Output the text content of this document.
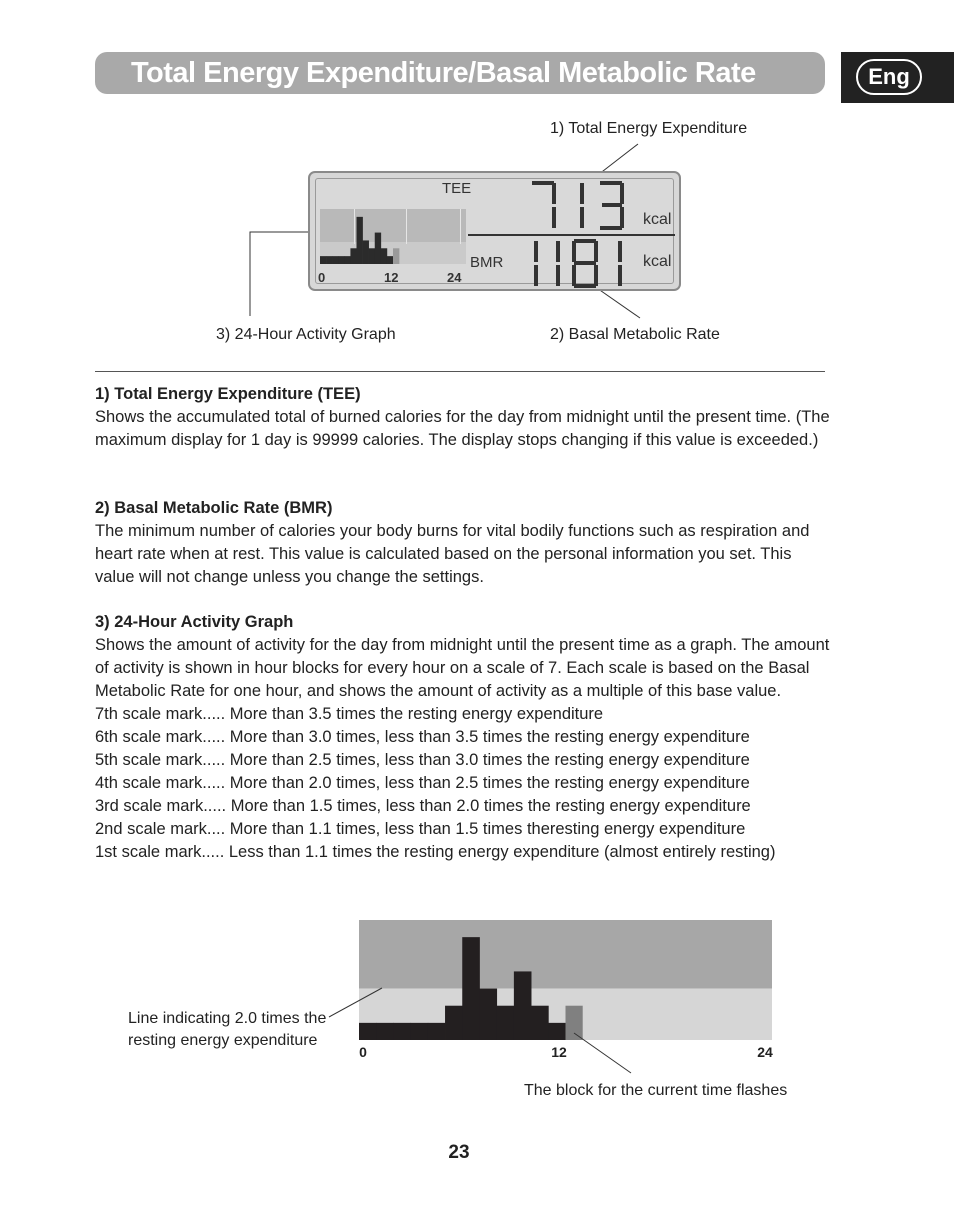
Total Energy Expenditure/Basal Metabolic Rate	Eng
1) Total Energy Expenditure
3) 24-Hour Activity Graph	2) Basal Metabolic Rate
0	12	24
TEE
BMR
kcal
kcal
1) Total Energy Expenditure (TEE)

Shows the accumulated total of burned calories for the day from midnight until the present time. (The maximum display for 1 day is 99999 calories. The display stops changing if this value is exceeded.)

2) Basal Metabolic Rate (BMR)

The minimum number of calories your body burns for vital bodily functions such as respiration and heart rate when at rest. This value is calculated based on the personal information you set. This value will not change unless you change the settings.

3) 24-Hour Activity Graph

Shows the amount of activity for the day from midnight until the present time as a graph. The amount of activity is shown in hour blocks for every hour on a scale of 7. Each scale is based on the Basal Metabolic Rate for one hour, and shows the amount of activity as a multiple of this base value.

7th scale mark..... More than 3.5 times the resting energy expenditure
6th scale mark..... More than 3.0 times, less than 3.5 times the resting energy expenditure
5th scale mark..... More than 2.5 times, less than 3.0 times the resting energy expenditure
4th scale mark..... More than 2.0 times, less than 2.5 times the resting energy expenditure
3rd scale mark..... More than 1.5 times, less than 2.0 times the resting energy expenditure
2nd scale mark.... More than 1.1 times, less than 1.5 times theresting energy expenditure
1st scale mark..... Less than 1.1 times the resting energy expenditure (almost entirely resting)
0	12	24
Line indicating 2.0 times the resting energy expenditure
The block for the current time flashes
23
